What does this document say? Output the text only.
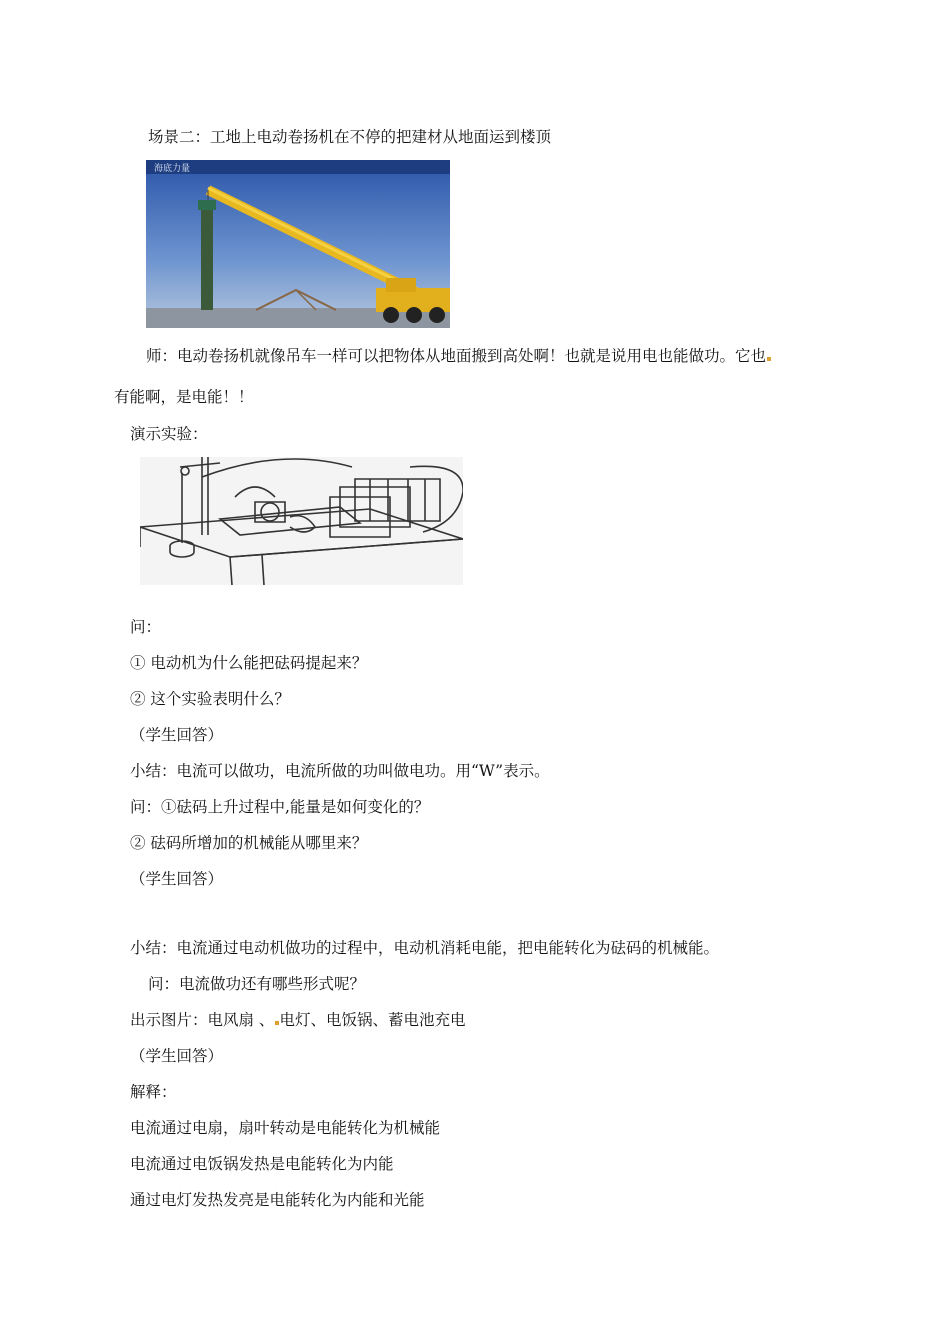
场景二：工地上电动卷扬机在不停的把建材从地面运到楼顶
海底力量
师：电动卷扬机就像吊车一样可以把物体从地面搬到高处啊！也就是说用电也能做功。它也
有能啊，是电能！！
演示实验：
问：
① 电动机为什么能把砝码提起来？
② 这个实验表明什么？
（学生回答）
小结：电流可以做功，电流所做的功叫做电功。用“W”表示。
问：①砝码上升过程中,能量是如何变化的？
② 砝码所增加的机械能从哪里来？
（学生回答）
小结：电流通过电动机做功的过程中，电动机消耗电能，把电能转化为砝码的机械能。
问：电流做功还有哪些形式呢？
出示图片：电风扇 、 电灯、电饭锅、蓄电池充电
（学生回答）
解释：
电流通过电扇，扇叶转动是电能转化为机械能
电流通过电饭锅发热是电能转化为内能
通过电灯发热发亮是电能转化为内能和光能
